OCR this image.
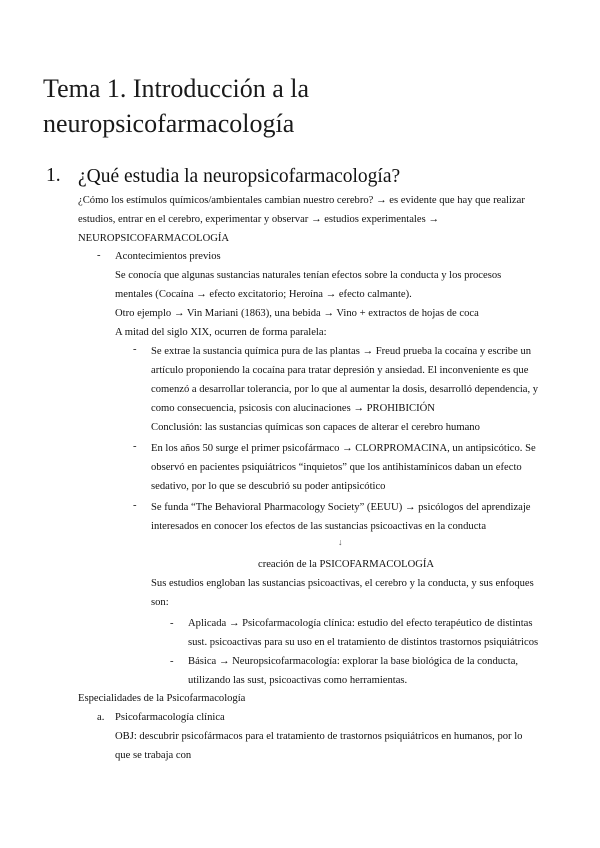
Tema 1. Introducción a la
neuropsicofarmacología
1. ¿Qué estudia la neuropsicofarmacología?
¿Cómo los estímulos químicos/ambientales cambian nuestro cerebro? → es evidente que hay que realizar
estudios, entrar en el cerebro, experimentar y observar → estudios experimentales →
NEUROPSICOFARMACOLOGÍA
- Acontecimientos previos
Se conocía que algunas sustancias naturales tenían efectos sobre la conducta y los procesos
mentales (Cocaína → efecto excitatorio; Heroína → efecto calmante).
Otro ejemplo → Vin Mariani (1863), una bebida → Vino + extractos de hojas de coca
A mitad del siglo XIX, ocurren de forma paralela:
- Se extrae la sustancia química pura de las plantas → Freud prueba la cocaína y escribe un
artículo proponiendo la cocaína para tratar depresión y ansiedad. El inconveniente es que
comenzó a desarrollar tolerancia, por lo que al aumentar la dosis, desarrolló dependencia, y
como consecuencia, psicosis con alucinaciones → PROHIBICIÓN
Conclusión: las sustancias químicas son capaces de alterar el cerebro humano
- En los años 50 surge el primer psicofármaco → CLORPROMACINA, un antipsicótico. Se
observó en pacientes psiquiátricos “inquietos” que los antihistamínicos daban un efecto
sedativo, por lo que se descubrió su poder antipsicótico
- Se funda “The Behavioral Pharmacology Society” (EEUU) → psicólogos del aprendizaje
interesados en conocer los efectos de las sustancias psicoactivas en la conducta
↓
creación de la PSICOFARMACOLOGÍA
Sus estudios engloban las sustancias psicoactivas, el cerebro y la conducta, y sus enfoques
son:
- Aplicada → Psicofarmacología clínica: estudio del efecto terapéutico de distintas
sust. psicoactivas para su uso en el tratamiento de distintos trastornos psiquiátricos
- Básica → Neuropsicofarmacología: explorar la base biológica de la conducta,
utilizando las sust, psicoactivas como herramientas.
Especialidades de la Psicofarmacología
a. Psicofarmacología clínica
OBJ: descubrir psicofármacos para el tratamiento de trastornos psiquiátricos en humanos, por lo
que se trabaja con
